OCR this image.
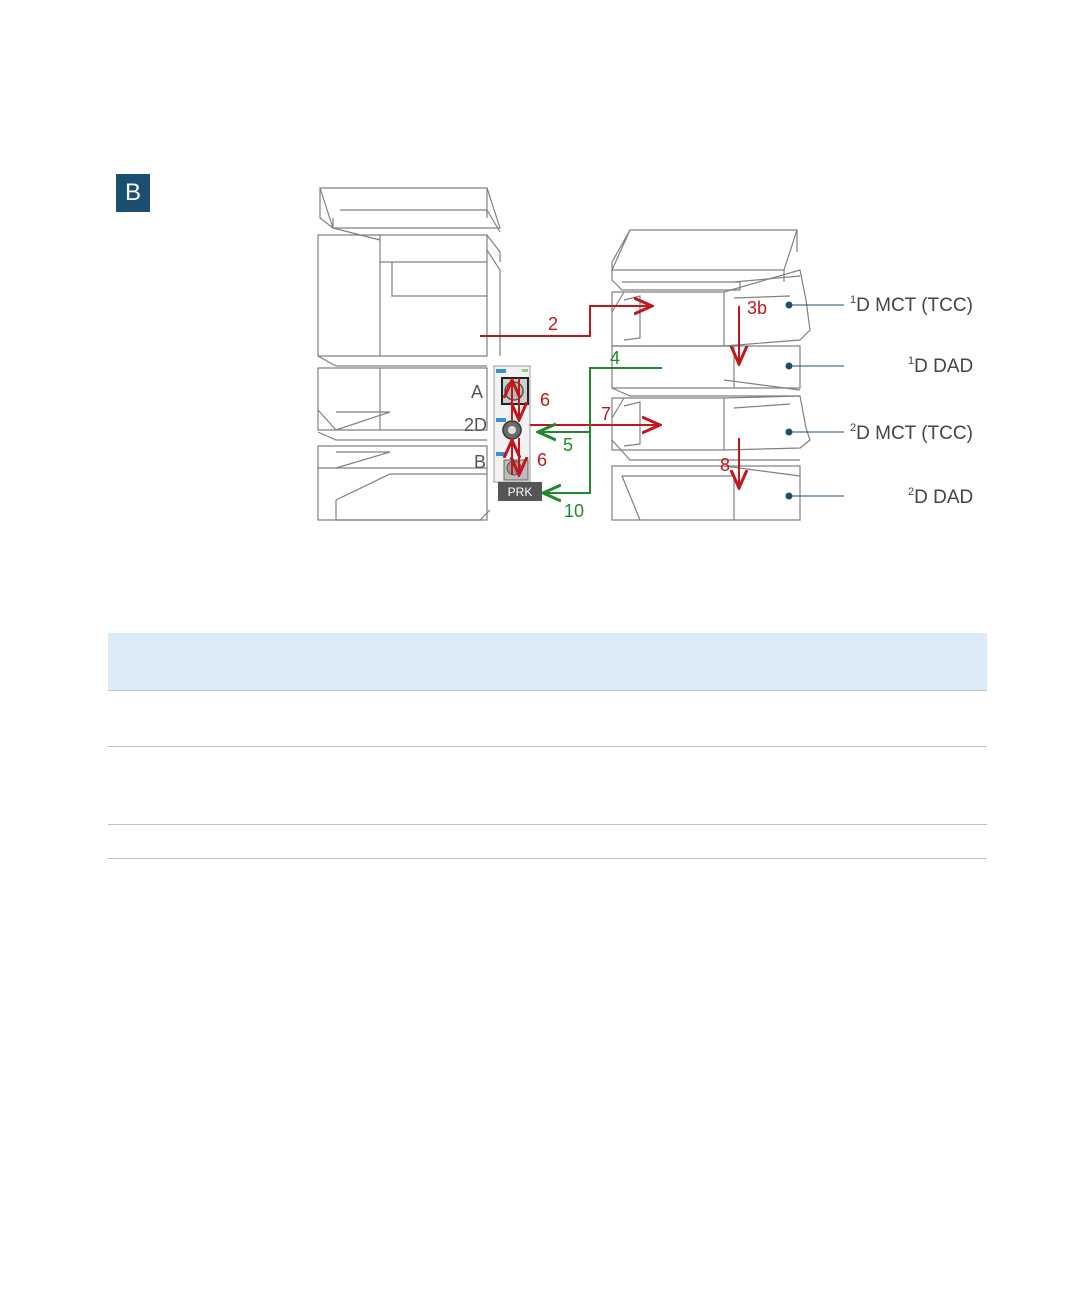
B
PRK
2
3b
4
6
7
5
6	8
10
A
2D
B
$^1$D MCT (TCC)
$^1$D DAD
$^2$D MCT (TCC)
$^2$D DAD
